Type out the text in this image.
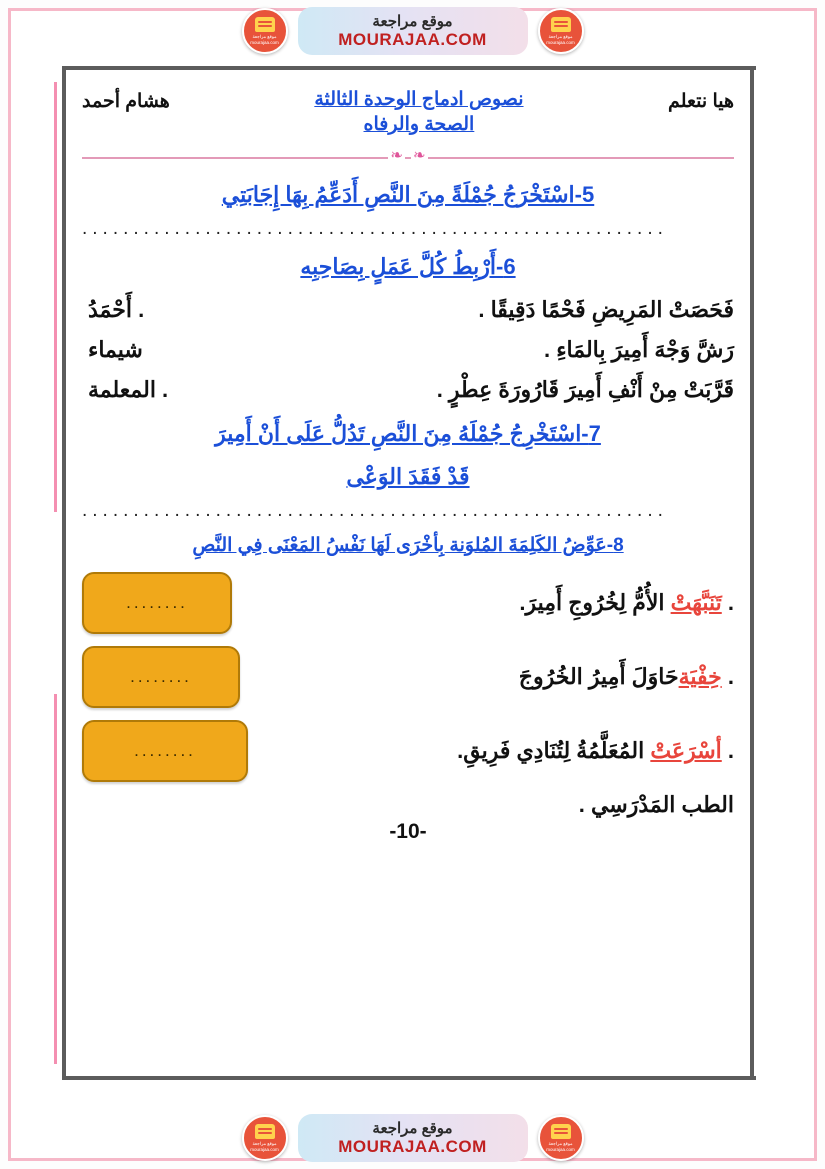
موقع مراجعة mourajaa.com
موقع مراجعة
MOURAJAA.COM
موقع مراجعة mourajaa.com
هيا نتعلم
نصوص ادماج الوحدة الثالثة
الصحة والرفاه
هشام أحمد
❧
❧
5-اسْتَخْرَجُ جُمْلَةً مِنَ النَّصِ أَدَعِّمُ بِهَا إِجَابَتِي
.........................................................
6-أَرْبِطُ كُلَّ عَمَلٍ بِصَاحِبِه
فَحَصَتْ المَرِيضِ فَحْمًا دَقِيقًا .
. أَحْمَدُ
رَشَّ وَجْهَ أَمِيرَ بِالمَاءِ .
شيماء
قَرَّبَتْ مِنْ أَنْفِ أَمِيرَ قَارُورَةَ عِطْرٍ .
. المعلمة
7-اسْتَخْرِجُ جُمْلَهُ مِنَ النَّصِ تَدُلُّ عَلَى أَنْ أَمِيرَ
قَدْ فَقَدَ الوَعْى
.........................................................
8-عَوِّضُ الكَلِمَةَ المُلوَنة بِأخْرَى لَهَا نَفْسُ المَعْنَى فِي النَّصِ
. تَنَبَّهَتْ الأُمُّ لِخُرُوجِ أَمِيرَ.
........
. خِفْيَةحَاوَلَ أَمِيرُ الخُرُوجَ
........
. أسْرَعَتْ المُعَلَّمُةُ لِتُنَادِي فَرِيقِ.
........
الطب المَدْرَسِي .
-10-
موقع مراجعة mourajaa.com
موقع مراجعة
MOURAJAA.COM
موقع مراجعة mourajaa.com
